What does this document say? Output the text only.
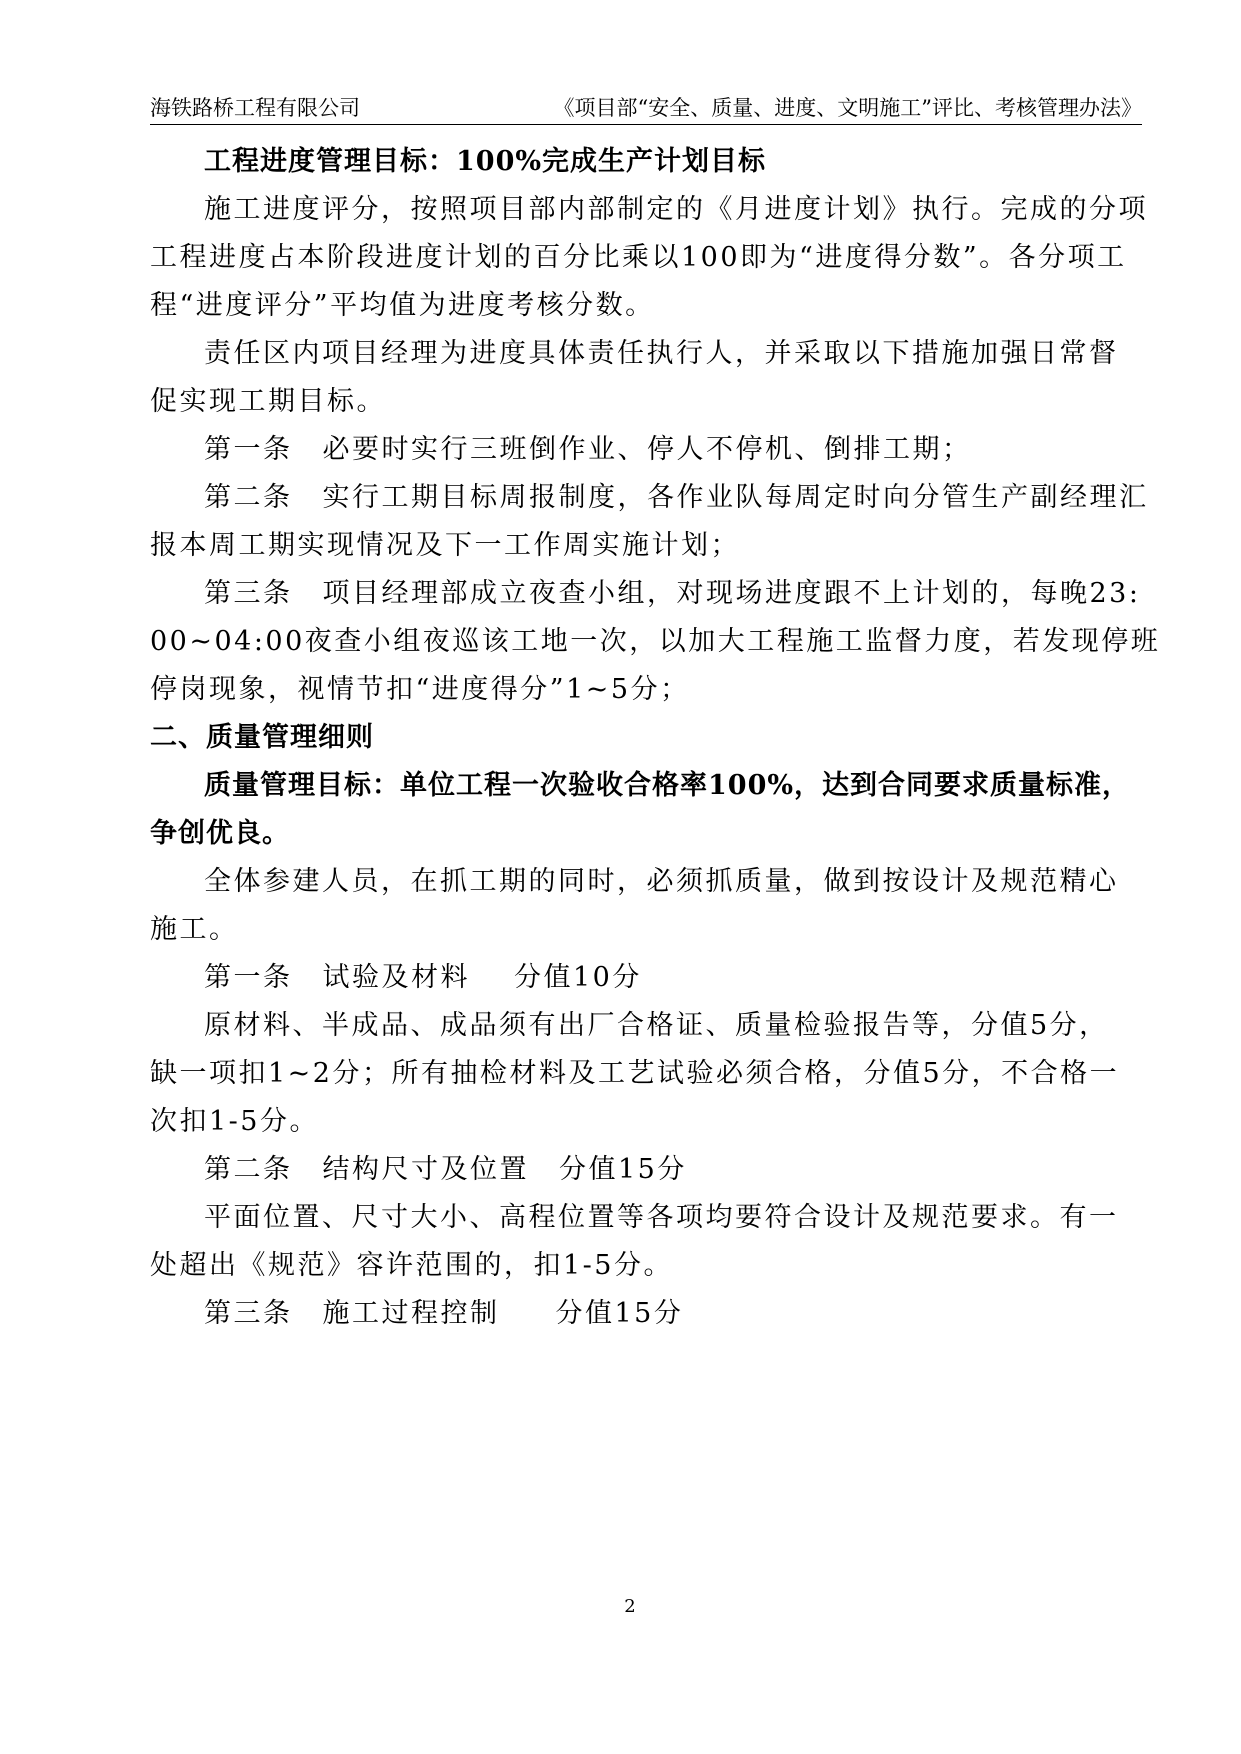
海铁路桥工程有限公司	《项目部“安全、质量、进度、文明施工”评比、考核管理办法》
工程进度管理目标：100%完成生产计划目标
施工进度评分，按照项目部内部制定的《月进度计划》执行。完成的分项
工程进度占本阶段进度计划的百分比乘以100即为“进度得分数”。各分项工
程“进度评分”平均值为进度考核分数。
责任区内项目经理为进度具体责任执行人，并采取以下措施加强日常督
促实现工期目标。
第一条 必要时实行三班倒作业、停人不停机、倒排工期；
第二条 实行工期目标周报制度，各作业队每周定时向分管生产副经理汇
报本周工期实现情况及下一工作周实施计划；
第三条 项目经理部成立夜查小组，对现场进度跟不上计划的，每晚23:
00~04:00夜查小组夜巡该工地一次，以加大工程施工监督力度，若发现停班
停岗现象，视情节扣“进度得分”1~5分；
二、质量管理细则
质量管理目标：单位工程一次验收合格率100%，达到合同要求质量标准，
争创优良。
全体参建人员，在抓工期的同时，必须抓质量，做到按设计及规范精心
施工。
第一条 试验及材料 分值10分
原材料、半成品、成品须有出厂合格证、质量检验报告等，分值5分，
缺一项扣1~2分；所有抽检材料及工艺试验必须合格，分值5分，不合格一
次扣1-5分。
第二条 结构尺寸及位置 分值15分
平面位置、尺寸大小、高程位置等各项均要符合设计及规范要求。有一
处超出《规范》容许范围的，扣1-5分。
第三条 施工过程控制 分值15分
2
